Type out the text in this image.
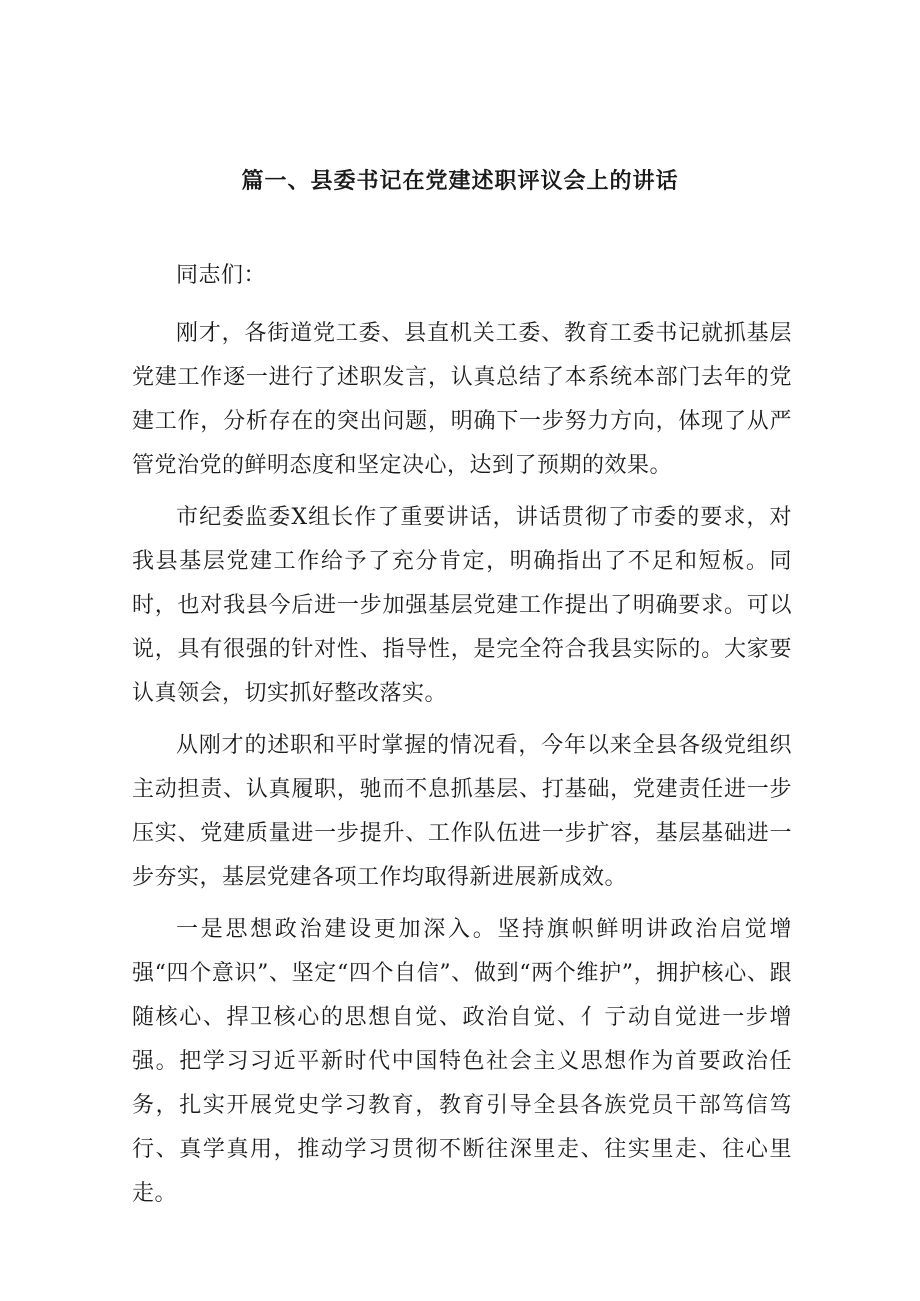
篇一、县委书记在党建述职评议会上的讲话

同志们：

刚才，各街道党工委、县直机关工委、教育工委书记就抓基层党建工作逐一进行了述职发言，认真总结了本系统本部门去年的党建工作，分析存在的突出问题，明确下一步努力方向，体现了从严管党治党的鲜明态度和坚定决心，达到了预期的效果。

市纪委监委X组长作了重要讲话，讲话贯彻了市委的要求，对我县基层党建工作给予了充分肯定，明确指出了不足和短板。同时，也对我县今后进一步加强基层党建工作提出了明确要求。可以说，具有很强的针对性、指导性，是完全符合我县实际的。大家要认真领会，切实抓好整改落实。

从刚才的述职和平时掌握的情况看，今年以来全县各级党组织主动担责、认真履职，驰而不息抓基层、打基础，党建责任进一步压实、党建质量进一步提升、工作队伍进一步扩容，基层基础进一步夯实，基层党建各项工作均取得新进展新成效。

一是思想政治建设更加深入。坚持旗帜鲜明讲政治启觉增强“四个意识”、坚定“四个自信”、做到“两个维护”，拥护核心、跟随核心、捍卫核心的思想自觉、政治自觉、亻亍动自觉进一步增强。把学习习近平新时代中国特色社会主义思想作为首要政治任务，扎实开展党史学习教育，教育引导全县各族党员干部笃信笃行、真学真用，推动学习贯彻不断往深里走、往实里走、往心里走。
